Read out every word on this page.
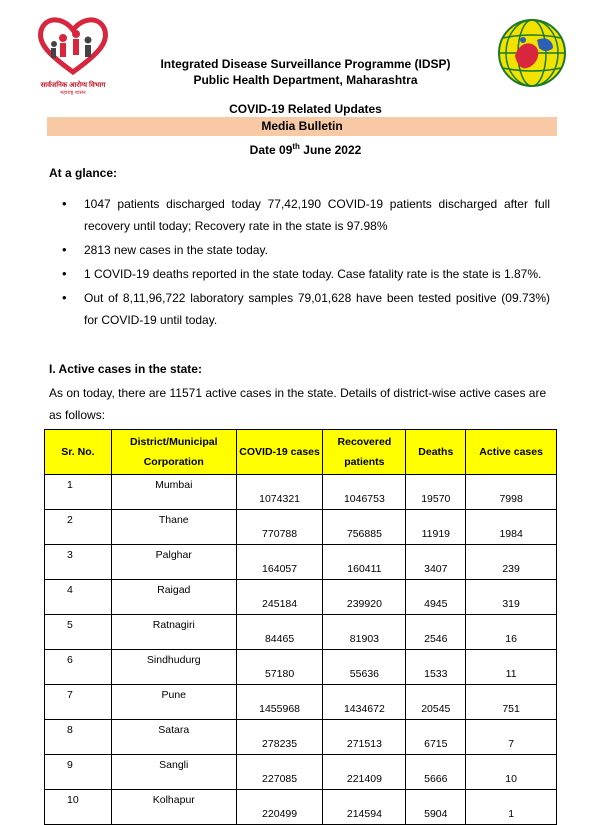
सार्वजनिक आरोग्य विभाग
महाराष्ट्र शासन
Integrated Disease Surveillance Programme (IDSP)
Public Health Department, Maharashtra
COVID-19 Related Updates
Media Bulletin
Date 09th June 2022
At a glance:
• 1047 patients discharged today 77,42,190 COVID-19 patients discharged after full recovery until today; Recovery rate in the state is 97.98%
• 2813 new cases in the state today.
• 1 COVID-19 deaths reported in the state today. Case fatality rate is the state is 1.87%.
• Out of 8,11,96,722 laboratory samples 79,01,628 have been tested positive (09.73%) for COVID-19 until today.
I. Active cases in the state:
As on today, there are 11571 active cases in the state. Details of district-wise active cases are as follows:
Sr. No.	District/Municipal Corporation	COVID-19 cases	Recovered patients	Deaths	Active cases
1	Mumbai	1074321	1046753	19570	7998
2	Thane	770788	756885	11919	1984
3	Palghar	164057	160411	3407	239
4	Raigad	245184	239920	4945	319
5	Ratnagiri	84465	81903	2546	16
6	Sindhudurg	57180	55636	1533	11
7	Pune	1455968	1434672	20545	751
8	Satara	278235	271513	6715	7
9	Sangli	227085	221409	5666	10
10	Kolhapur	220499	214594	5904	1
